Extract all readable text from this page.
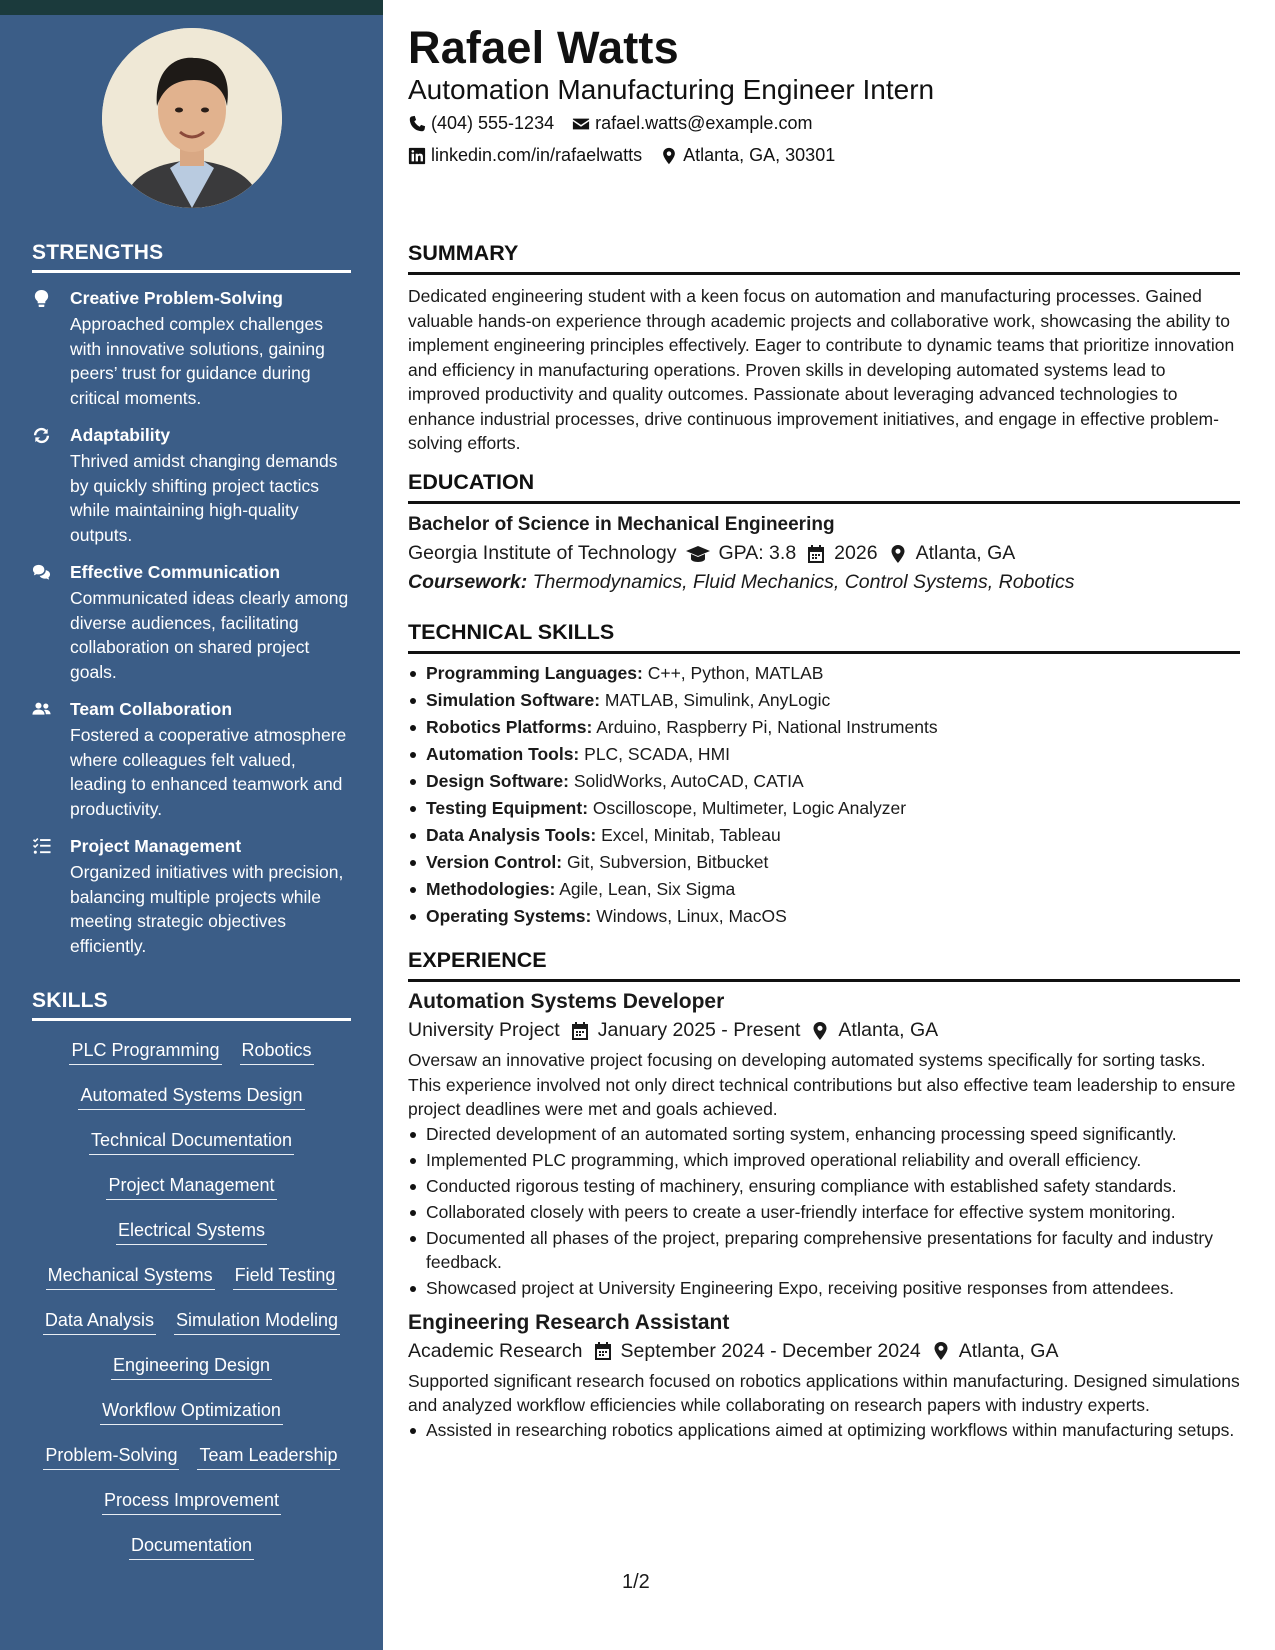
STRENGTHS
Creative Problem-Solving
Approached complex challenges with innovative solutions, gaining peers’ trust for guidance during critical moments.
Adaptability
Thrived amidst changing demands by quickly shifting project tactics while maintaining high-quality outputs.
Effective Communication
Communicated ideas clearly among diverse audiences, facilitating collaboration on shared project goals.
Team Collaboration
Fostered a cooperative atmosphere where colleagues felt valued, leading to enhanced teamwork and productivity.
Project Management
Organized initiatives with precision, balancing multiple projects while meeting strategic objectives efficiently.
SKILLS
PLC Programming Robotics
Automated Systems Design
Technical Documentation
Project Management
Electrical Systems
Mechanical Systems Field Testing
Data Analysis Simulation Modeling
Engineering Design
Workflow Optimization
Problem-Solving Team Leadership
Process Improvement
Documentation
Rafael Watts
Automation Manufacturing Engineer Intern
(404) 555-1234 rafael.watts@example.com
linkedin.com/in/rafaelwatts Atlanta, GA, 30301
SUMMARY
Dedicated engineering student with a keen focus on automation and manufacturing processes. Gained valuable hands-on experience through academic projects and collaborative work, showcasing the ability to implement engineering principles effectively. Eager to contribute to dynamic teams that prioritize innovation and efficiency in manufacturing operations. Proven skills in developing automated systems lead to improved productivity and quality outcomes. Passionate about leveraging advanced technologies to enhance industrial processes, drive continuous improvement initiatives, and engage in effective problem-solving efforts.
EDUCATION
Bachelor of Science in Mechanical Engineering
Georgia Institute of Technology GPA: 3.8 2026 Atlanta, GA
Coursework: Thermodynamics, Fluid Mechanics, Control Systems, Robotics
TECHNICAL SKILLS
Programming Languages: C++, Python, MATLAB
Simulation Software: MATLAB, Simulink, AnyLogic
Robotics Platforms: Arduino, Raspberry Pi, National Instruments
Automation Tools: PLC, SCADA, HMI
Design Software: SolidWorks, AutoCAD, CATIA
Testing Equipment: Oscilloscope, Multimeter, Logic Analyzer
Data Analysis Tools: Excel, Minitab, Tableau
Version Control: Git, Subversion, Bitbucket
Methodologies: Agile, Lean, Six Sigma
Operating Systems: Windows, Linux, MacOS
EXPERIENCE
Automation Systems Developer
University Project January 2025 - Present Atlanta, GA
Oversaw an innovative project focusing on developing automated systems specifically for sorting tasks. This experience involved not only direct technical contributions but also effective team leadership to ensure project deadlines were met and goals achieved.
Directed development of an automated sorting system, enhancing processing speed significantly.
Implemented PLC programming, which improved operational reliability and overall efficiency.
Conducted rigorous testing of machinery, ensuring compliance with established safety standards.
Collaborated closely with peers to create a user-friendly interface for effective system monitoring.
Documented all phases of the project, preparing comprehensive presentations for faculty and industry feedback.
Showcased project at University Engineering Expo, receiving positive responses from attendees.
Engineering Research Assistant
Academic Research September 2024 - December 2024 Atlanta, GA
Supported significant research focused on robotics applications within manufacturing. Designed simulations and analyzed workflow efficiencies while collaborating on research papers with industry experts.
Assisted in researching robotics applications aimed at optimizing workflows within manufacturing setups.
1/2
